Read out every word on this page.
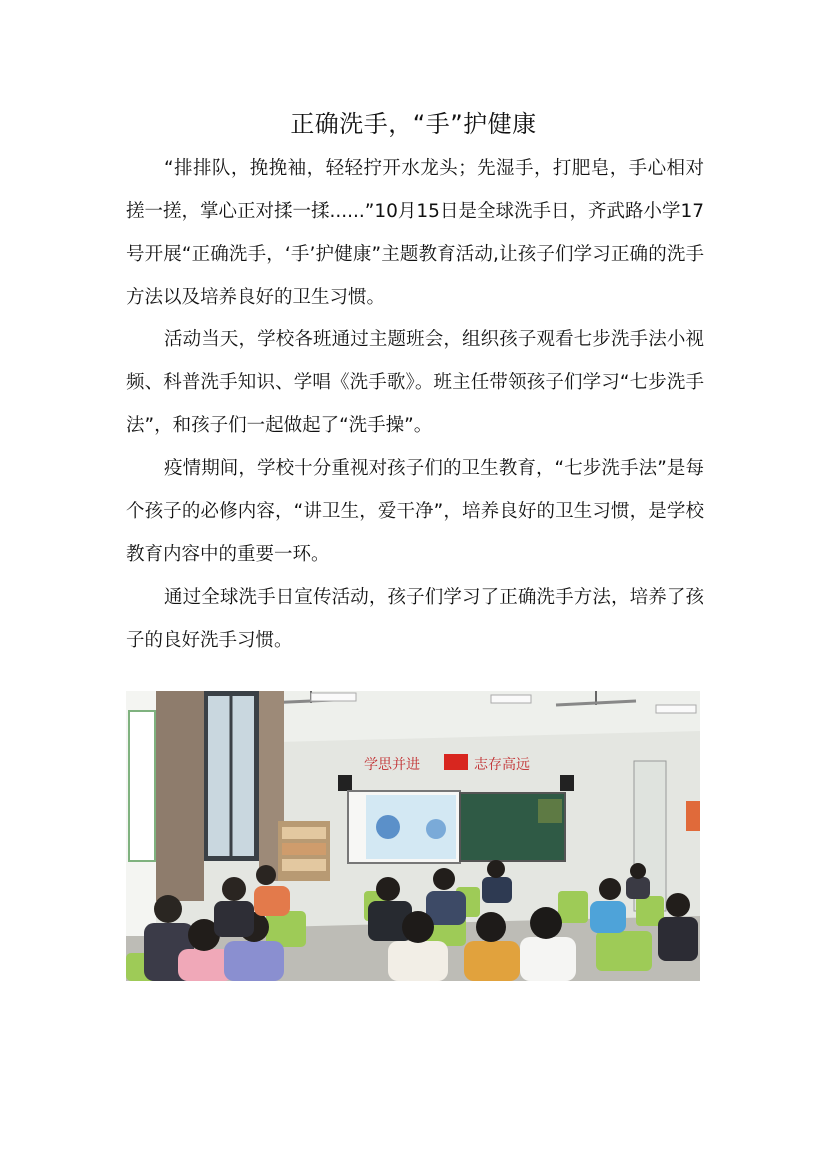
正确洗手，“手”护健康

“排排队，挽挽袖，轻轻拧开水龙头；先湿手，打肥皂，手心相对搓一搓，掌心正对揉一揉......”10月15日是全球洗手日，齐武路小学17号开展“正确洗手，‘手’护健康”主题教育活动,让孩子们学习正确的洗手方法以及培养良好的卫生习惯。

活动当天，学校各班通过主题班会，组织孩子观看七步洗手法小视频、科普洗手知识、学唱《洗手歌》。班主任带领孩子们学习“七步洗手法”，和孩子们一起做起了“洗手操”。

疫情期间，学校十分重视对孩子们的卫生教育，“七步洗手法”是每个孩子的必修内容，“讲卫生，爱干净”，培养良好的卫生习惯，是学校教育内容中的重要一环。

通过全球洗手日宣传活动，孩子们学习了正确洗手方法，培养了孩子的良好洗手习惯。

学思并进	志存高远
